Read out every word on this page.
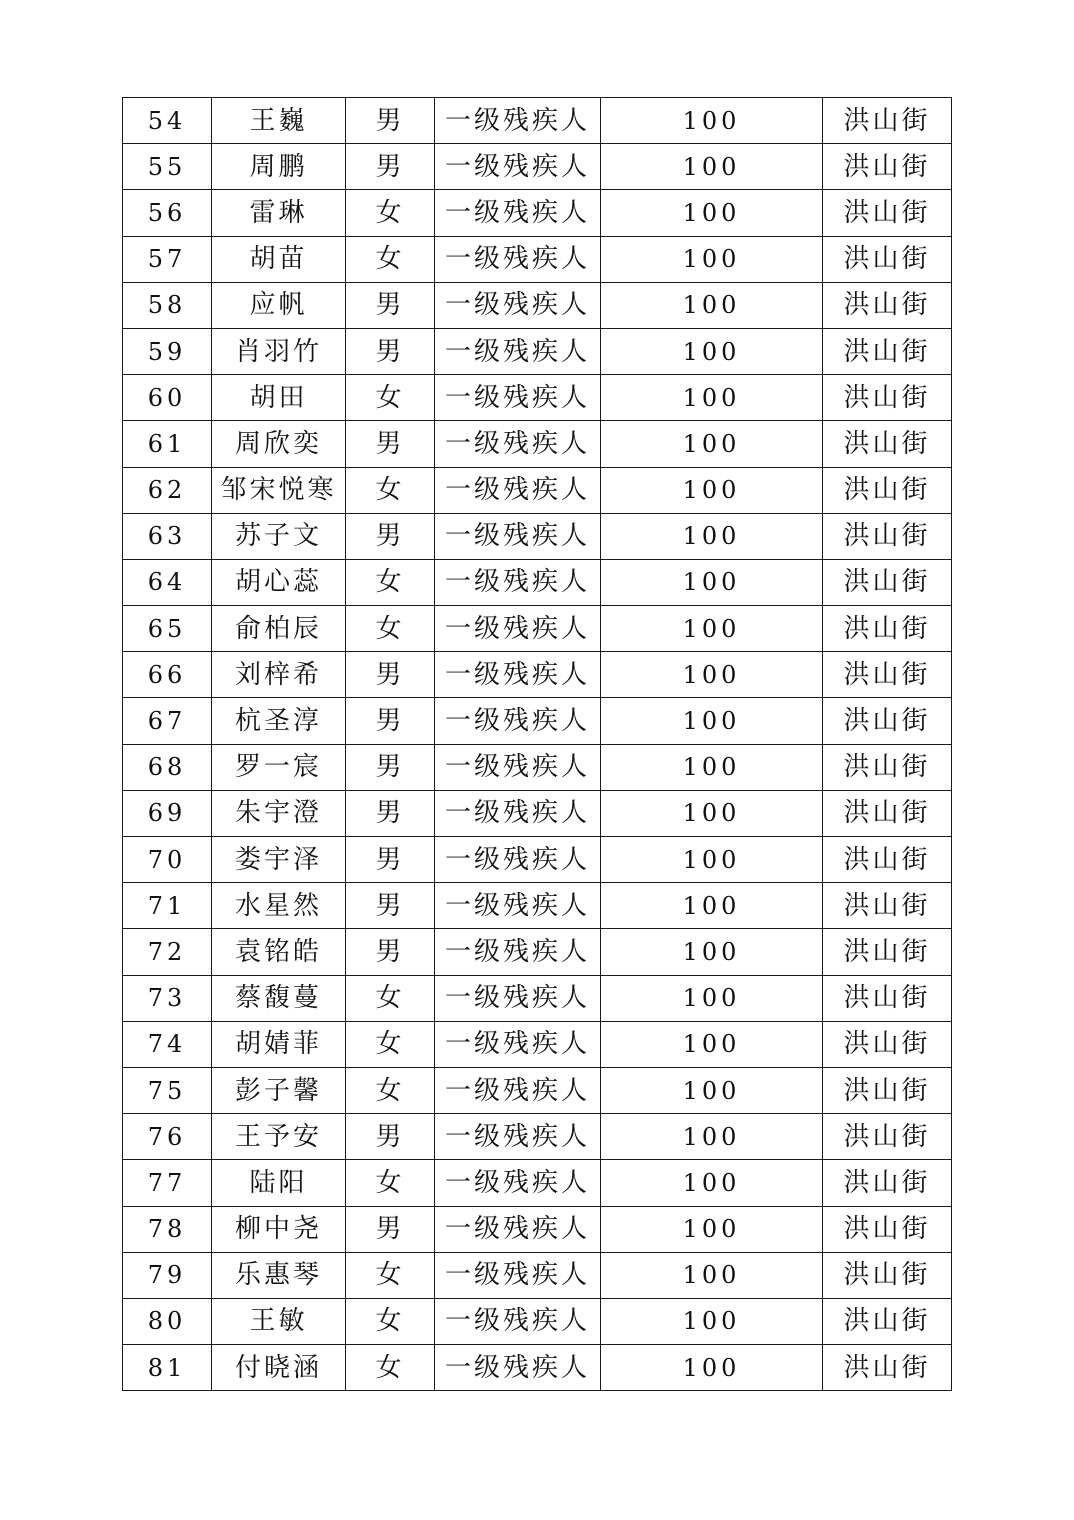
54	王巍	男	一级残疾人	100	洪山街
55	周鹏	男	一级残疾人	100	洪山街
56	雷琳	女	一级残疾人	100	洪山街
57	胡苗	女	一级残疾人	100	洪山街
58	应帆	男	一级残疾人	100	洪山街
59	肖羽竹	男	一级残疾人	100	洪山街
60	胡田	女	一级残疾人	100	洪山街
61	周欣奕	男	一级残疾人	100	洪山街
62	邹宋悦寒	女	一级残疾人	100	洪山街
63	苏子文	男	一级残疾人	100	洪山街
64	胡心蕊	女	一级残疾人	100	洪山街
65	俞柏辰	女	一级残疾人	100	洪山街
66	刘梓希	男	一级残疾人	100	洪山街
67	杭圣淳	男	一级残疾人	100	洪山街
68	罗一宸	男	一级残疾人	100	洪山街
69	朱宇澄	男	一级残疾人	100	洪山街
70	娄宇泽	男	一级残疾人	100	洪山街
71	水星然	男	一级残疾人	100	洪山街
72	袁铭皓	男	一级残疾人	100	洪山街
73	蔡馥蔓	女	一级残疾人	100	洪山街
74	胡婧菲	女	一级残疾人	100	洪山街
75	彭子馨	女	一级残疾人	100	洪山街
76	王予安	男	一级残疾人	100	洪山街
77	陆阳	女	一级残疾人	100	洪山街
78	柳中尧	男	一级残疾人	100	洪山街
79	乐惠琴	女	一级残疾人	100	洪山街
80	王敏	女	一级残疾人	100	洪山街
81	付晓涵	女	一级残疾人	100	洪山街
